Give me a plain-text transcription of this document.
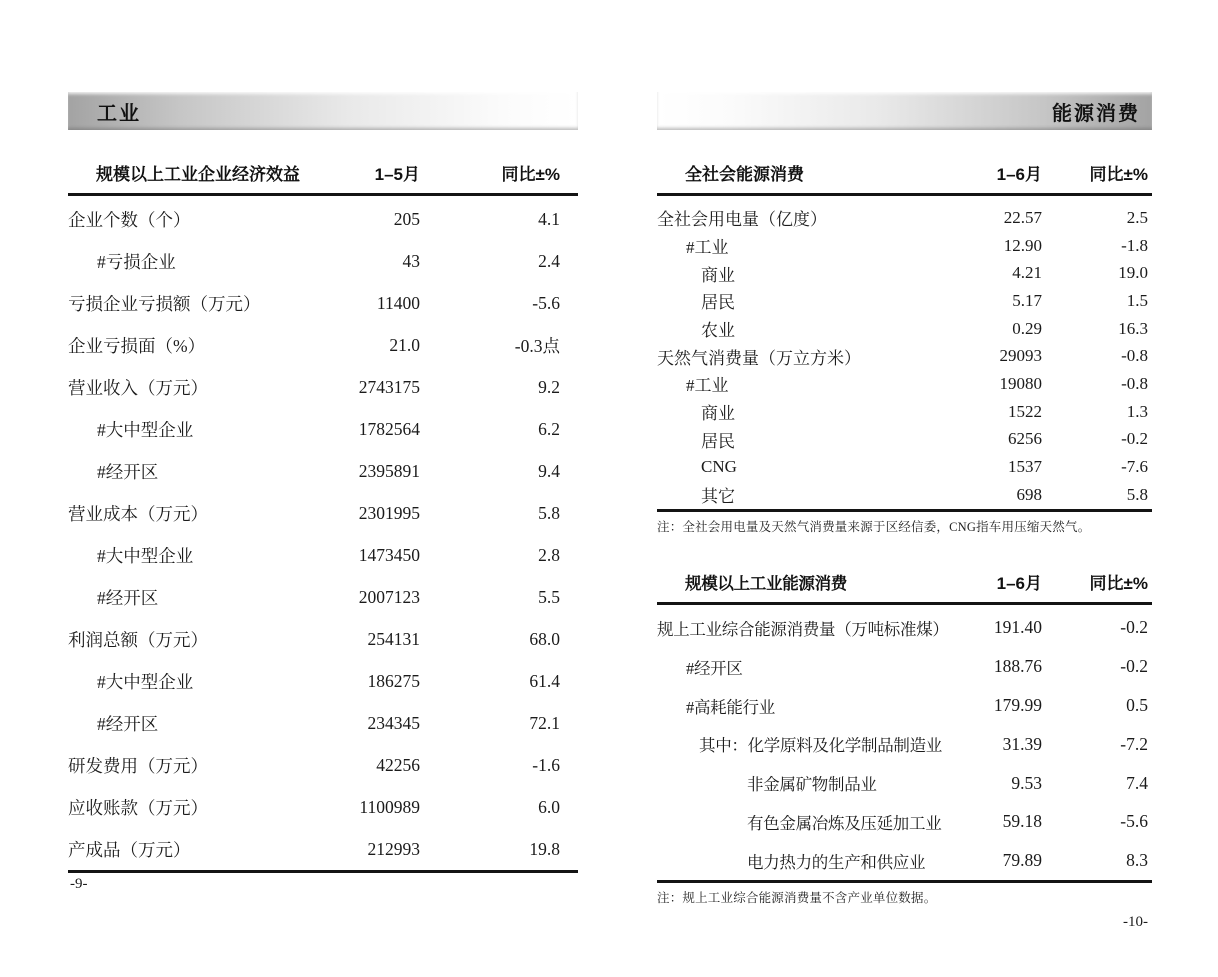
工业
规模以上工业企业经济效益	1–5月	同比±%
企业个数（个）	205	4.1
#亏损企业	43	2.4
亏损企业亏损额（万元）	11400	-5.6
企业亏损面（%）	21.0	-0.3点
营业收入（万元）	2743175	9.2
#大中型企业	1782564	6.2
#经开区	2395891	9.4
营业成本（万元）	2301995	5.8
#大中型企业	1473450	2.8
#经开区	2007123	5.5
利润总额（万元）	254131	68.0
#大中型企业	186275	61.4
#经开区	234345	72.1
研发费用（万元）	42256	-1.6
应收账款（万元）	1100989	6.0
产成品（万元）	212993	19.8
-9-
能源消费
全社会能源消费	1–6月	同比±%
全社会用电量（亿度）	22.57	2.5
#工业	12.90	-1.8
商业	4.21	19.0
居民	5.17	1.5
农业	0.29	16.3
天然气消费量（万立方米）	29093	-0.8
#工业	19080	-0.8
商业	1522	1.3
居民	6256	-0.2
CNG	1537	-7.6
其它	698	5.8
注：全社会用电量及天然气消费量来源于区经信委，CNG指车用压缩天然气。
规模以上工业能源消费	1–6月	同比±%
规上工业综合能源消费量（万吨标准煤）	191.40	-0.2
#经开区	188.76	-0.2
#高耗能行业	179.99	0.5
其中：化学原料及化学制品制造业	31.39	-7.2
非金属矿物制品业	9.53	7.4
有色金属冶炼及压延加工业	59.18	-5.6
电力热力的生产和供应业	79.89	8.3
注：规上工业综合能源消费量不含产业单位数据。
-10-
